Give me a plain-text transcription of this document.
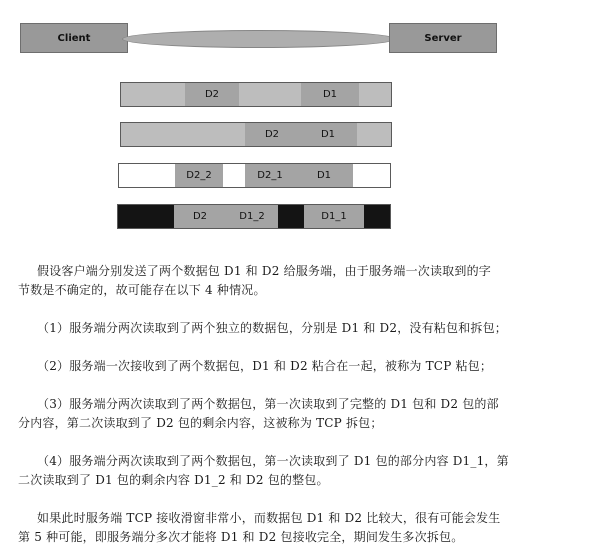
Client	Server
D2	D1
D2	D1
D2_2	D2_1	D1
D2	D1_2	D1_1
假设客户端分别发送了两个数据包 D1 和 D2 给服务端，由于服务端一次读取到的字
节数是不确定的，故可能存在以下 4 种情况。
（1）服务端分两次读取到了两个独立的数据包，分别是 D1 和 D2，没有粘包和拆包；
（2）服务端一次接收到了两个数据包，D1 和 D2 粘合在一起，被称为 TCP 粘包；
（3）服务端分两次读取到了两个数据包，第一次读取到了完整的 D1 包和 D2 包的部
分内容，第二次读取到了 D2 包的剩余内容，这被称为 TCP 拆包；
（4）服务端分两次读取到了两个数据包，第一次读取到了 D1 包的部分内容 D1_1，第
二次读取到了 D1 包的剩余内容 D1_2 和 D2 包的整包。
如果此时服务端 TCP 接收滑窗非常小，而数据包 D1 和 D2 比较大，很有可能会发生
第 5 种可能，即服务端分多次才能将 D1 和 D2 包接收完全，期间发生多次拆包。
